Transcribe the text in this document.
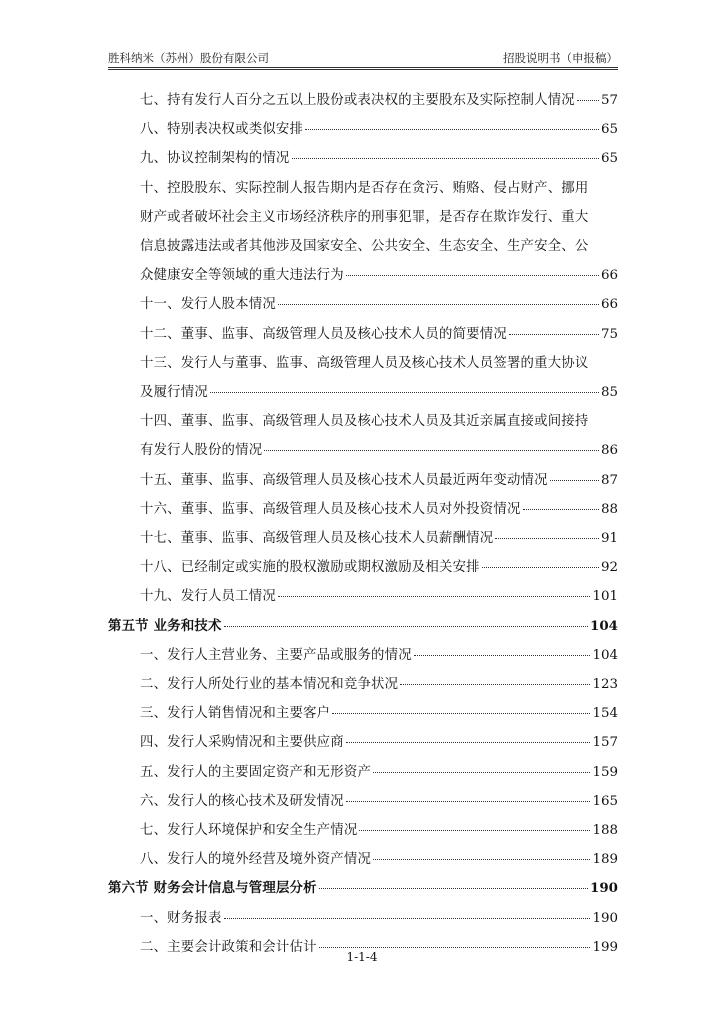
胜科纳米（苏州）股份有限公司	招股说明书（申报稿）
七、持有发行人百分之五以上股份或表决权的主要股东及实际控制人情况 57
八、特别表决权或类似安排	65
九、协议控制架构的情况	65
十、控股股东、实际控制人报告期内是否存在贪污、贿赂、侵占财产、挪用
财产或者破坏社会主义市场经济秩序的刑事犯罪，是否存在欺诈发行、重大
信息披露违法或者其他涉及国家安全、公共安全、生态安全、生产安全、公
众健康安全等领域的重大违法行为	66
十一、发行人股本情况	66
十二、董事、监事、高级管理人员及核心技术人员的简要情况	75
十三、发行人与董事、监事、高级管理人员及核心技术人员签署的重大协议
及履行情况	85
十四、董事、监事、高级管理人员及核心技术人员及其近亲属直接或间接持
有发行人股份的情况	86
十五、董事、监事、高级管理人员及核心技术人员最近两年变动情况	87
十六、董事、监事、高级管理人员及核心技术人员对外投资情况	88
十七、董事、监事、高级管理人员及核心技术人员薪酬情况	91
十八、已经制定或实施的股权激励或期权激励及相关安排	92
十九、发行人员工情况	101
第五节 业务和技术	104
一、发行人主营业务、主要产品或服务的情况	104
二、发行人所处行业的基本情况和竞争状况	123
三、发行人销售情况和主要客户	154
四、发行人采购情况和主要供应商	157
五、发行人的主要固定资产和无形资产	159
六、发行人的核心技术及研发情况	165
七、发行人环境保护和安全生产情况	188
八、发行人的境外经营及境外资产情况	189
第六节 财务会计信息与管理层分析	190
一、财务报表	190
二、主要会计政策和会计估计	199
1-1-4
